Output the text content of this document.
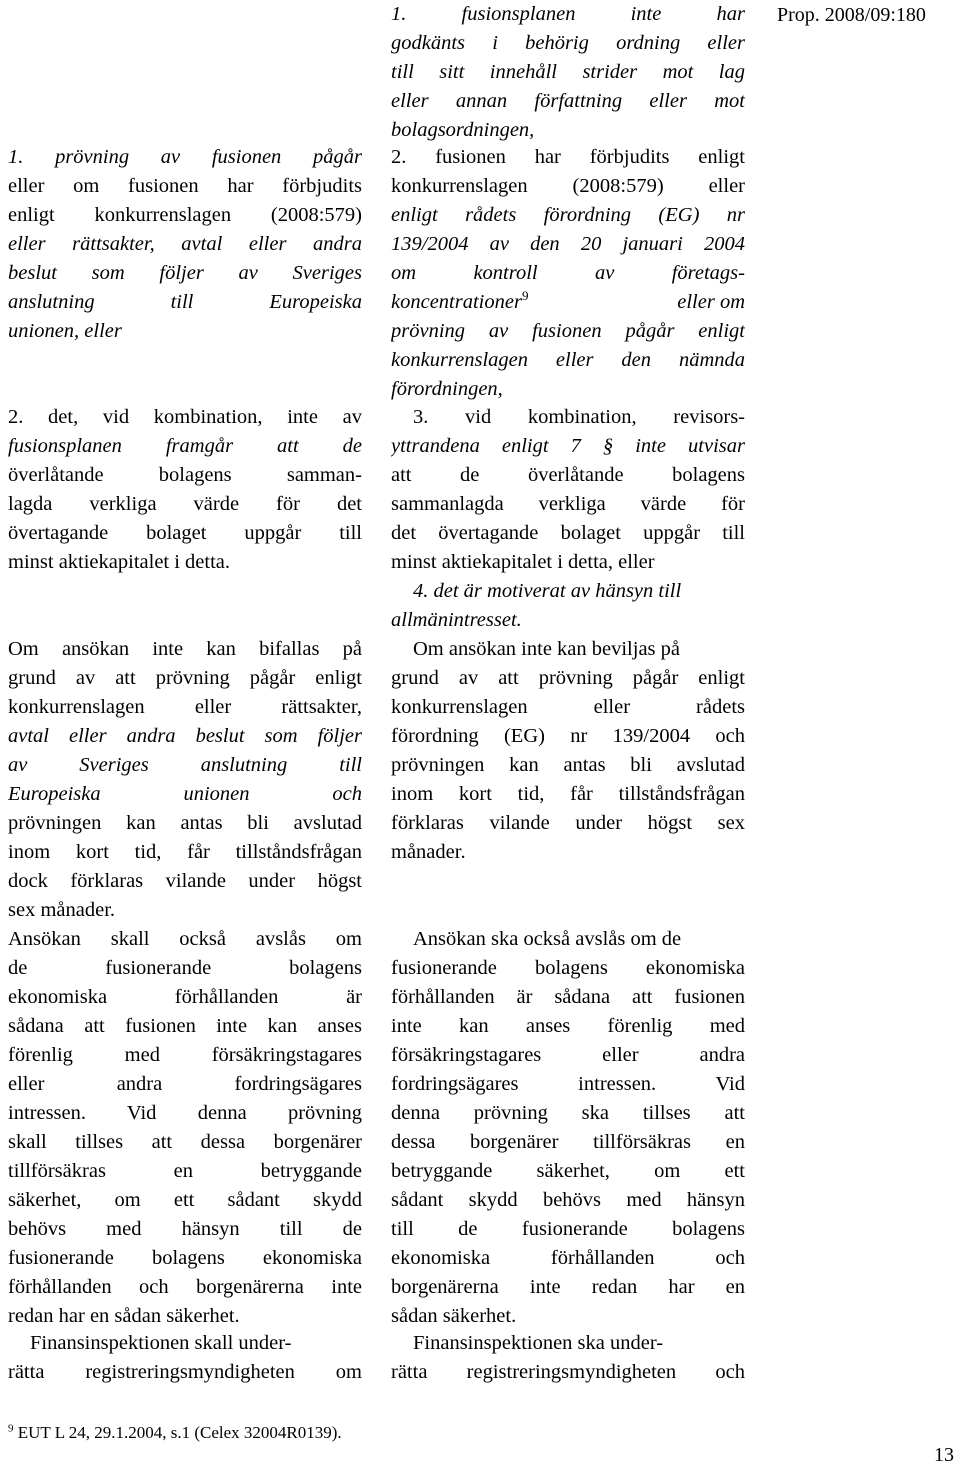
Prop. 2008/09:180
1. prövning av fusionen pågår
eller om fusionen har förbjudits
enligt konkurrenslagen (2008:579)
eller rättsakter, avtal eller andra
beslut som följer av Sveriges
anslutning till Europeiska
unionen, eller
2. det, vid kombination, inte av
fusionsplanen framgår att de
överlåtande bolagens samman-
lagda verkliga värde för det
övertagande bolaget uppgår till
minst aktiekapitalet i detta.
Om ansökan inte kan bifallas på
grund av att prövning pågår enligt
konkurrenslagen eller rättsakter,
avtal eller andra beslut som följer
av Sveriges anslutning till
Europeiska unionen och
prövningen kan antas bli avslutad
inom kort tid, får tillståndsfrågan
dock förklaras vilande under högst
sex månader.
Ansökan skall också avslås om
de fusionerande bolagens
ekonomiska förhållanden är
sådana att fusionen inte kan anses
förenlig med försäkringstagares
eller andra fordringsägares
intressen. Vid denna prövning
skall tillses att dessa borgenärer
tillförsäkras en betryggande
säkerhet, om ett sådant skydd
behövs med hänsyn till de
fusionerande bolagens ekonomiska
förhållanden och borgenärerna inte
redan har en sådan säkerhet.
Finansinspektionen skall under-
rätta registreringsmyndigheten om
1. fusionsplanen inte har
godkänts i behörig ordning eller
till sitt innehåll strider mot lag
eller annan författning eller mot
bolagsordningen,
2. fusionen har förbjudits enligt
konkurrenslagen (2008:579) eller
enligt rådets förordning (EG) nr
139/2004 av den 20 januari 2004
om kontroll av företags-
koncentrationer$^9$	eller om
prövning av fusionen pågår enligt
konkurrenslagen eller den nämnda
förordningen,
3. vid kombination, revisors-
yttrandena enligt 7 § inte utvisar
att de överlåtande bolagens
sammanlagda verkliga värde för
det övertagande bolaget uppgår till
minst aktiekapitalet i detta, eller
4. det är motiverat av hänsyn till
allmänintresset.
Om ansökan inte kan beviljas på
grund av att prövning pågår enligt
konkurrenslagen eller rådets
förordning (EG) nr 139/2004 och
prövningen kan antas bli avslutad
inom kort tid, får tillståndsfrågan
förklaras vilande under högst sex
månader.
Ansökan ska också avslås om de
fusionerande bolagens ekonomiska
förhållanden är sådana att fusionen
inte kan anses förenlig med
försäkringstagares eller andra
fordringsägares intressen. Vid
denna prövning ska tillses att
dessa borgenärer tillförsäkras en
betryggande säkerhet, om ett
sådant skydd behövs med hänsyn
till de fusionerande bolagens
ekonomiska förhållanden och
borgenärerna inte redan har en
sådan säkerhet.
Finansinspektionen ska under-
rätta registreringsmyndigheten och
$^9$ EUT L 24, 29.1.2004, s.1 (Celex 32004R0139).
13
